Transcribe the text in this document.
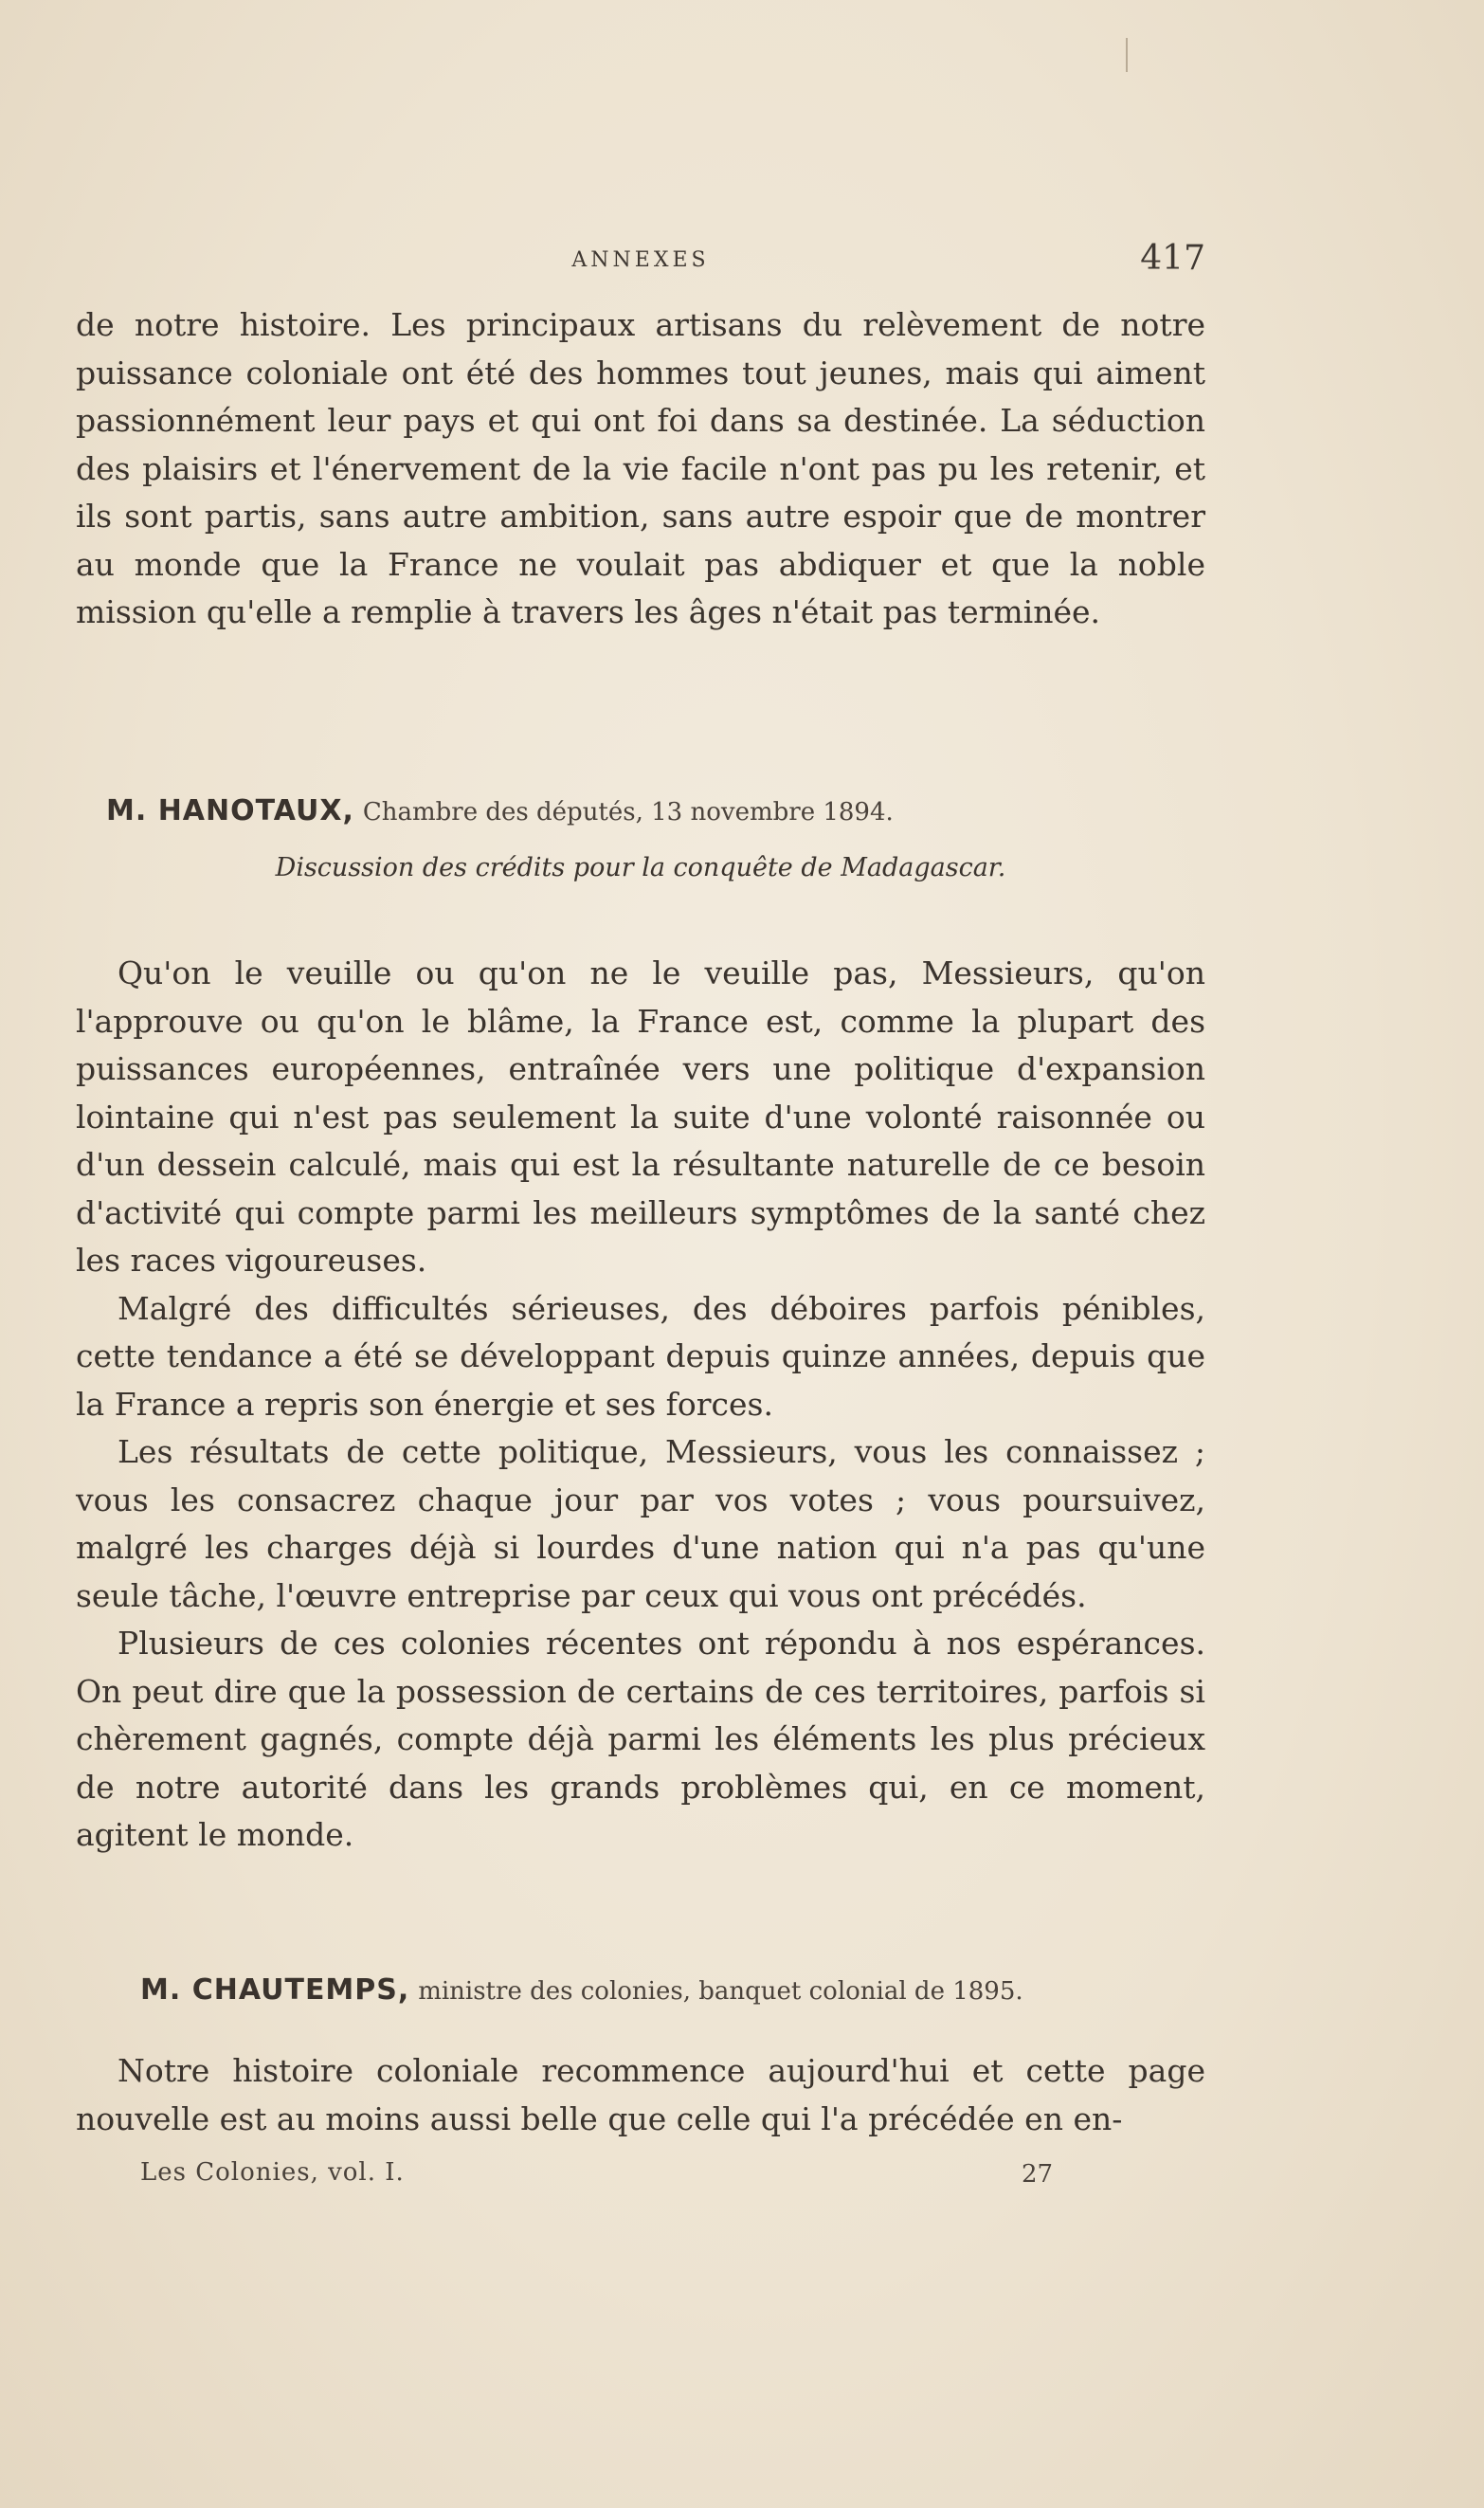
ANNEXES	417

de notre histoire. Les principaux artisans du relèvement de notre puissance coloniale ont été des hommes tout jeunes, mais qui aiment passionnément leur pays et qui ont foi dans sa destinée. La séduction des plaisirs et l'énervement de la vie facile n'ont pas pu les retenir, et ils sont partis, sans autre ambition, sans autre espoir que de montrer au monde que la France ne voulait pas abdiquer et que la noble mission qu'elle a remplie à travers les âges n'était pas terminée.

M. HANOTAUX, Chambre des députés, 13 novembre 1894.
Discussion des crédits pour la conquête de Madagascar.

Qu'on le veuille ou qu'on ne le veuille pas, Messieurs, qu'on l'approuve ou qu'on le blâme, la France est, comme la plupart des puissances européennes, entraînée vers une politique d'expansion lointaine qui n'est pas seulement la suite d'une volonté raisonnée ou d'un dessein calculé, mais qui est la résultante naturelle de ce besoin d'activité qui compte parmi les meilleurs symptômes de la santé chez les races vigoureuses.

Malgré des difficultés sérieuses, des déboires parfois pénibles, cette tendance a été se développant depuis quinze années, depuis que la France a repris son énergie et ses forces.

Les résultats de cette politique, Messieurs, vous les connaissez ; vous les consacrez chaque jour par vos votes ; vous poursuivez, malgré les charges déjà si lourdes d'une nation qui n'a pas qu'une seule tâche, l'œuvre entreprise par ceux qui vous ont précédés.

Plusieurs de ces colonies récentes ont répondu à nos espérances. On peut dire que la possession de certains de ces territoires, parfois si chèrement gagnés, compte déjà parmi les éléments les plus précieux de notre autorité dans les grands problèmes qui, en ce moment, agitent le monde.

M. CHAUTEMPS, ministre des colonies, banquet colonial de 1895.

Notre histoire coloniale recommence aujourd'hui et cette page nouvelle est au moins aussi belle que celle qui l'a précédée en en-

Les Colonies, vol. I.	27
